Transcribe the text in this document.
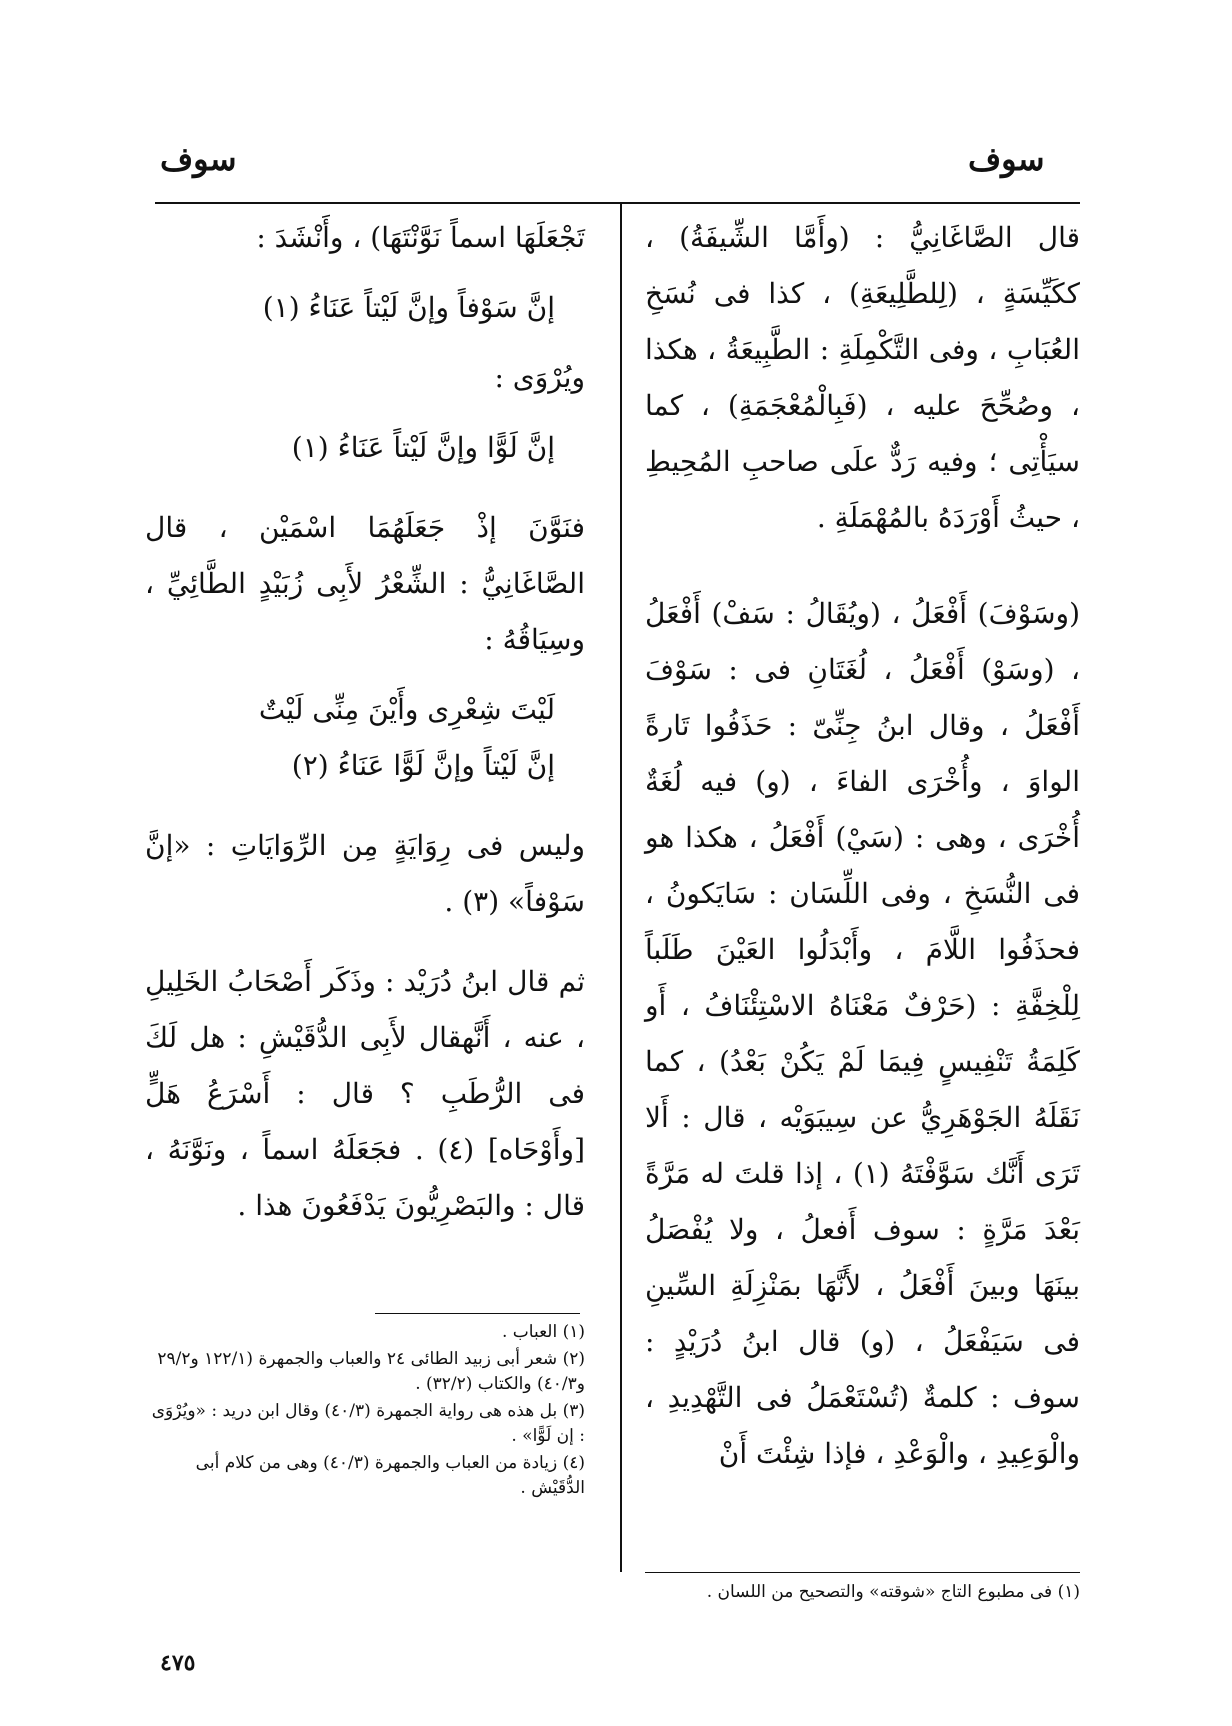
سوف
سوف

قال الصَّاغَانِيُّ : (وأَمَّا الشِّيفَةُ) ، ككَيِّسَةٍ ، (لِلطَّلِيعَةِ) ، كذا فى نُسَخِ العُبَابِ ، وفى التَّكْمِلَةِ : الطَّبِيعَةُ ، هكذا ، وصُحِّحَ عليه ، (فَبِالْمُعْجَمَةِ) ، كما سيَأْتِى ؛ وفيه رَدٌّ علَى صاحبِ المُحِيطِ ، حيثُ أَوْرَدَهُ بالمُهْمَلَةِ .

(وسَوْفَ) أَفْعَلُ ، (ويُقَالُ : سَفْ) أَفْعَلُ ، (وسَوْ) أَفْعَلُ ، لُغَتَانِ فى : سَوْفَ أَفْعَلُ ، وقال ابنُ جِنِّىّ : حَذَفُوا تَارةً الواوَ ، وأُخْرَى الفاءَ ، (و) فيه لُغَةٌ أُخْرَى ، وهى : (سَيْ) أَفْعَلُ ، هكذا هو فى النُّسَخِ ، وفى اللِّسَان : سَايَكونُ ، فحذَفُوا اللَّامَ ، وأَبْدَلُوا العَيْنَ طَلَباً لِلْخِفَّةِ : (حَرْفٌ مَعْنَاهُ الاسْتِئْنَافُ ، أَو كَلِمَةُ تَنْفِيسٍ فِيمَا لَمْ يَكُنْ بَعْدُ) ، كما نَقَلَهُ الجَوْهَرِيُّ عن سِيبَوَيْه ، قال : أَلا تَرَى أَنَّك سَوَّفْتَهُ (١) ، إذا قلتَ له مَرَّةً بَعْدَ مَرَّةٍ : سوف أَفعلُ ، ولا يُفْصَلُ بينَهَا وبينَ أَفْعَلُ ، لأَنَّهَا بمَنْزِلَةِ السِّينِ فى سَيَفْعَلُ ، (و) قال ابنُ دُرَيْدٍ : سوف : كلمةٌ (تُسْتَعْمَلُ فى التَّهْدِيدِ ، والْوَعِيدِ ، والْوَعْدِ ، فإذا شِئْتَ أَنْ

تَجْعَلَهَا اسماً نَوَّنْتَهَا) ، وأَنْشَدَ :

إنَّ سَوْفاً وإنَّ لَيْتاً عَنَاءُ (١)

ويُرْوَى :

إنَّ لَوًّا وإنَّ لَيْتاً عَنَاءُ (١)

فنَوَّنَ إذْ جَعَلَهُمَا اسْمَيْن ، قال الصَّاغَانِيُّ : الشِّعْرُ لأَبِى زُبَيْدٍ الطَّائِيِّ ، وسِيَاقُهُ :

لَيْتَ شِعْرِى وأَيْنَ مِنِّى لَيْتٌ

إنَّ لَيْتاً وإنَّ لَوًّا عَنَاءُ (٢)

وليس فى رِوَايَةٍ مِن الرِّوَايَاتِ : «إنَّ سَوْفاً» (٣) .

ثم قال ابنُ دُرَيْد : وذَكَر أَصْحَابُ الخَلِيلِ ، عنه ، أَنَّهقال لأَبِى الدُّقَيْشِ : هل لَكَ فى الرُّطَبِ ؟ قال : أَسْرَعُ هَلٍّ [وأَوْحَاه] (٤) . فجَعَلَهُ اسماً ، ونَوَّنَهُ ، قال : والبَصْرِيُّونَ يَدْفَعُونَ هذا .

(١) العباب .

(٢) شعر أبى زبيد الطائى ٢٤ والعباب والجمهرة (١٢٢/١ و٢٩/٢ و٤٠/٣) والكتاب (٣٢/٢) .

(٣) بل هذه هى رواية الجمهرة (٤٠/٣) وقال ابن دريد : «ويُرْوَى : إن لَوًّا» .

(٤) زيادة من العباب والجمهرة (٤٠/٣) وهى من كلام أبى الدُّقَيْش .

(١) فى مطبوع التاج «شوقته» والتصحيح من اللسان .

٤٧٥
